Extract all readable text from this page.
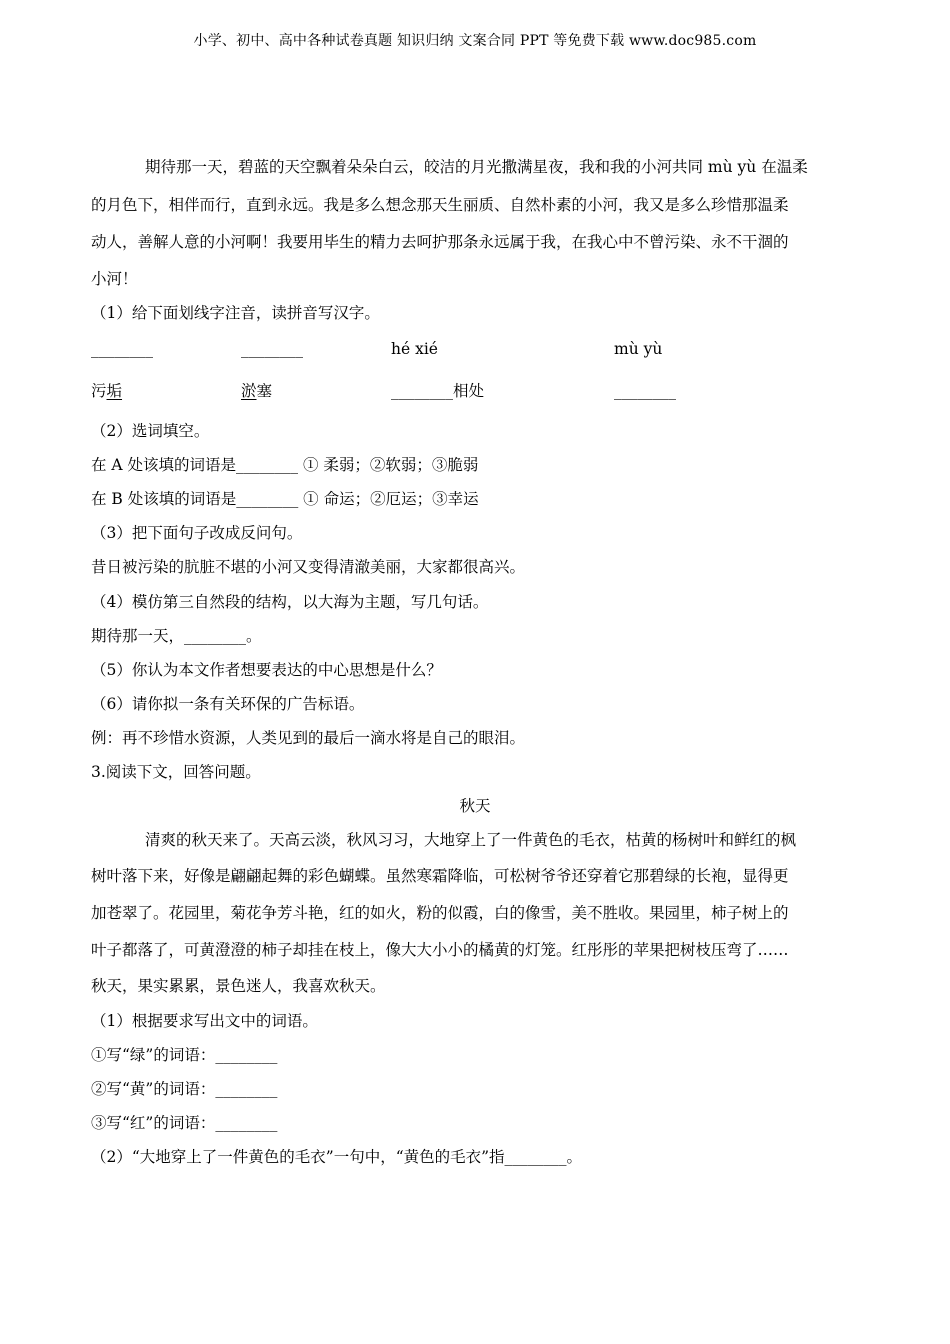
小学、初中、高中各种试卷真题 知识归纳 文案合同 PPT 等免费下载 www.doc985.com
期待那一天，碧蓝的天空飘着朵朵白云，皎洁的月光撒满星夜，我和我的小河共同 mù yù 在温柔
的月色下，相伴而行，直到永远。我是多么想念那天生丽质、自然朴素的小河，我又是多么珍惜那温柔
动人，善解人意的小河啊！我要用毕生的精力去呵护那条永远属于我，在我心中不曾污染、永不干涸的
小河！
（1）给下面划线字注音，读拼音写汉字。
________	________	hé xié	mù yù
污垢	淤塞	________相处	________
（2）选词填空。
在 A 处该填的词语是________ ① 柔弱；②软弱；③脆弱
在 B 处该填的词语是________ ① 命运；②厄运；③幸运
（3）把下面句子改成反问句。
昔日被污染的肮脏不堪的小河又变得清澈美丽，大家都很高兴。
（4）模仿第三自然段的结构，以大海为主题，写几句话。
期待那一天，________。
（5）你认为本文作者想要表达的中心思想是什么？
（6）请你拟一条有关环保的广告标语。
例：再不珍惜水资源，人类见到的最后一滴水将是自己的眼泪。
3.阅读下文，回答问题。
秋天
清爽的秋天来了。天高云淡，秋风习习，大地穿上了一件黄色的毛衣，枯黄的杨树叶和鲜红的枫
树叶落下来，好像是翩翩起舞的彩色蝴蝶。虽然寒霜降临，可松树爷爷还穿着它那碧绿的长袍，显得更
加苍翠了。花园里，菊花争芳斗艳，红的如火，粉的似霞，白的像雪，美不胜收。果园里，柿子树上的
叶子都落了，可黄澄澄的柿子却挂在枝上，像大大小小的橘黄的灯笼。红彤彤的苹果把树枝压弯了……
秋天，果实累累，景色迷人，我喜欢秋天。
（1）根据要求写出文中的词语。
①写“绿”的词语：________
②写“黄”的词语：________
③写“红”的词语：________
（2）“大地穿上了一件黄色的毛衣”一句中，“黄色的毛衣”指________。
